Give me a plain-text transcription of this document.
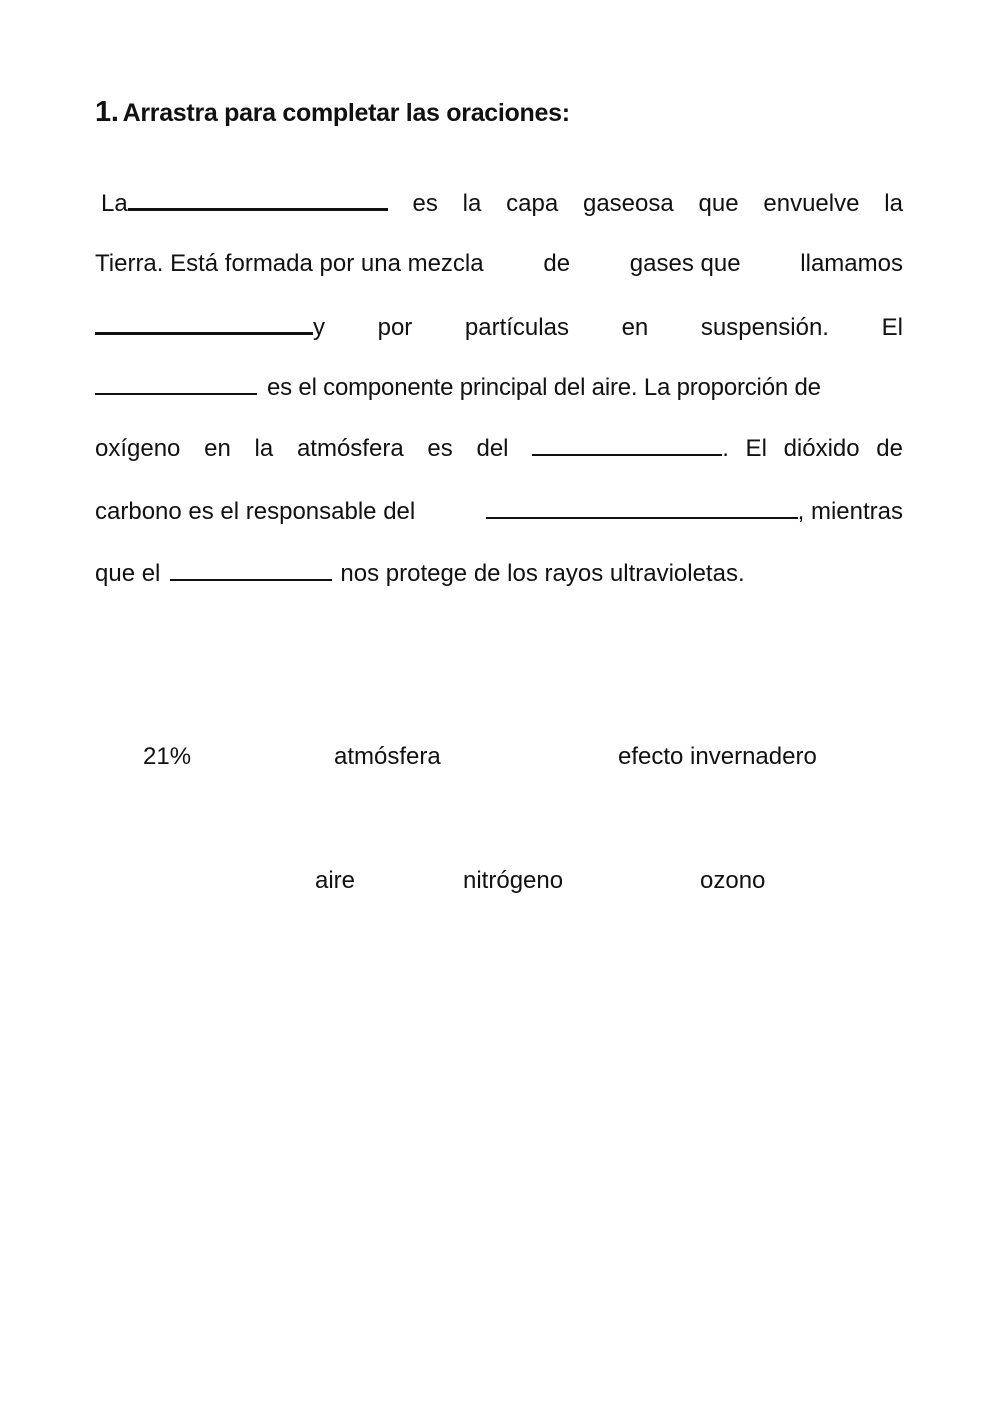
1. Arrastra para completar las oraciones:
La	es la capa gaseosa que envuelve la
Tierra. Está formada por una mezcla de gases que llamamos
y por partículas en suspensión. El
es el componente principal del aire. La proporción de
oxígeno en la atmósfera es del	. El dióxido de
carbono es el responsable del	, mientras
que el	nos protege de los rayos ultravioletas.
21%	atmósfera	efecto invernadero
aire	nitrógeno	ozono
